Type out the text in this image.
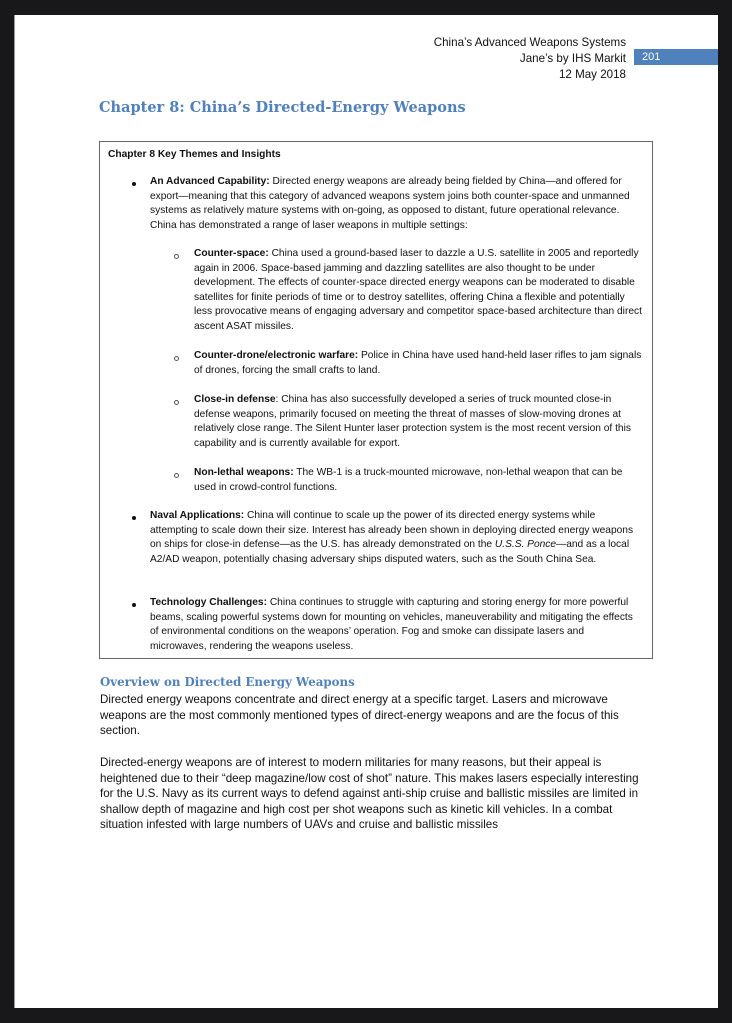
China’s Advanced Weapons Systems
Jane’s by IHS Markit
12 May 2018
201
Chapter 8: China’s Directed-Energy Weapons
Chapter 8 Key Themes and Insights
An Advanced Capability: Directed energy weapons are already being fielded by China—and offered for export—meaning that this category of advanced weapons system joins both counter-space and unmanned systems as relatively mature systems with on-going, as opposed to distant, future operational relevance. China has demonstrated a range of laser weapons in multiple settings:
Counter-space: China used a ground-based laser to dazzle a U.S. satellite in 2005 and reportedly again in 2006. Space-based jamming and dazzling satellites are also thought to be under development. The effects of counter-space directed energy weapons can be moderated to disable satellites for finite periods of time or to destroy satellites, offering China a flexible and potentially less provocative means of engaging adversary and competitor space-based architecture than direct ascent ASAT missiles.
Counter-drone/electronic warfare: Police in China have used hand-held laser rifles to jam signals of drones, forcing the small crafts to land.
Close-in defense: China has also successfully developed a series of truck mounted close-in defense weapons, primarily focused on meeting the threat of masses of slow-moving drones at relatively close range. The Silent Hunter laser protection system is the most recent version of this capability and is currently available for export.
Non-lethal weapons: The WB-1 is a truck-mounted microwave, non-lethal weapon that can be used in crowd-control functions.
Naval Applications: China will continue to scale up the power of its directed energy systems while attempting to scale down their size. Interest has already been shown in deploying directed energy weapons on ships for close-in defense—as the U.S. has already demonstrated on the U.S.S. Ponce—and as a local A2/AD weapon, potentially chasing adversary ships disputed waters, such as the South China Sea.
Technology Challenges: China continues to struggle with capturing and storing energy for more powerful beams, scaling powerful systems down for mounting on vehicles, maneuverability and mitigating the effects of environmental conditions on the weapons’ operation. Fog and smoke can dissipate lasers and microwaves, rendering the weapons useless.
Overview on Directed Energy Weapons

Directed energy weapons concentrate and direct energy at a specific target. Lasers and microwave weapons are the most commonly mentioned types of direct-energy weapons and are the focus of this section.

Directed-energy weapons are of interest to modern militaries for many reasons, but their appeal is heightened due to their “deep magazine/low cost of shot” nature. This makes lasers especially interesting for the U.S. Navy as its current ways to defend against anti-ship cruise and ballistic missiles are limited in shallow depth of magazine and high cost per shot weapons such as kinetic kill vehicles. In a combat situation infested with large numbers of UAVs and cruise and ballistic missiles
